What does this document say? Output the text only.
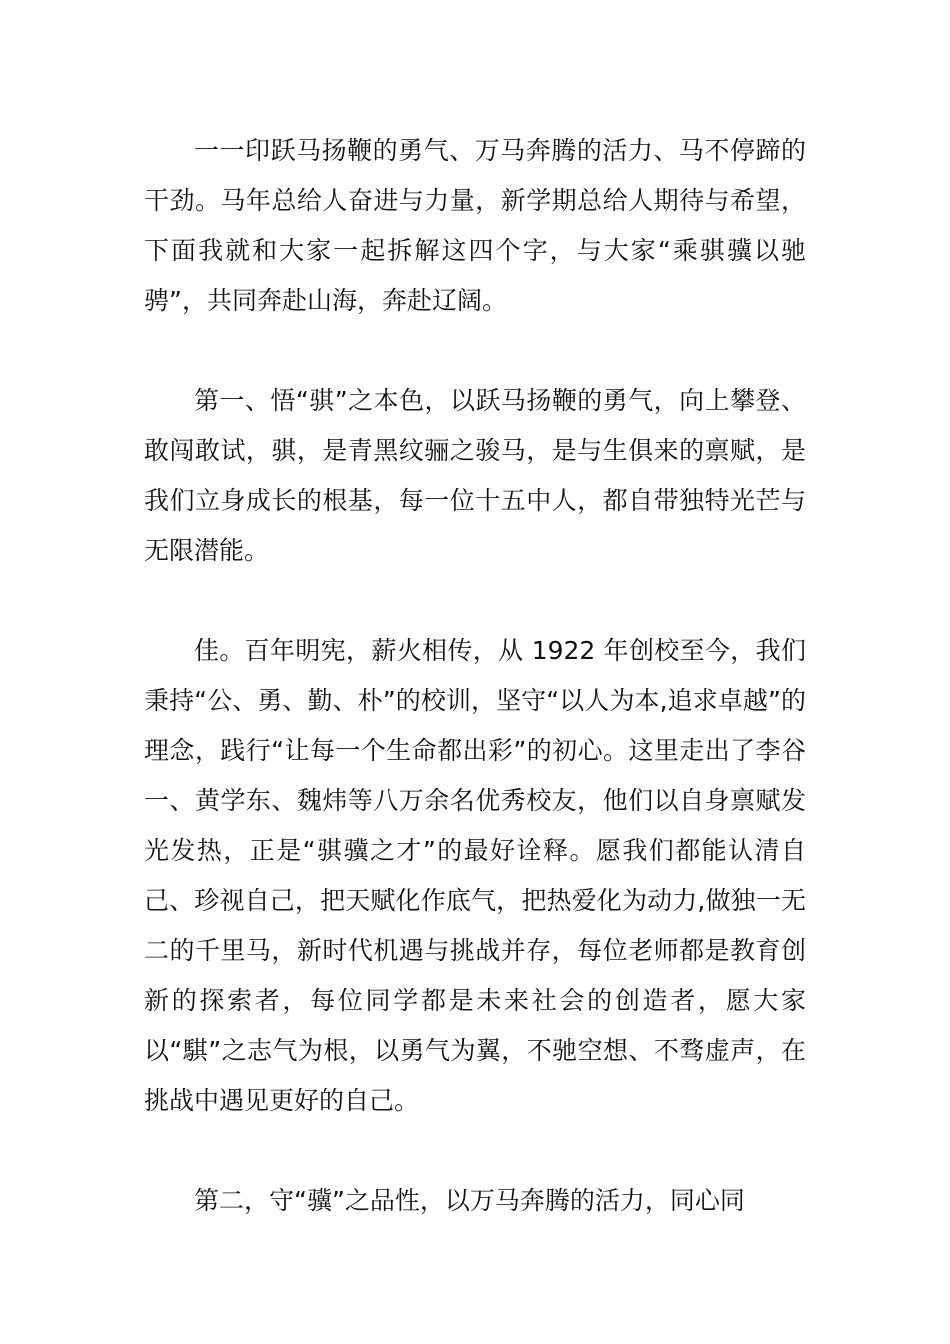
一一印跃马扬鞭的勇气、万马奔腾的活力、马不停蹄的干劲。马年总给人奋进与力量，新学期总给人期待与希望，下面我就和大家一起拆解这四个字，与大家“乘骐骥以驰骋”，共同奔赴山海，奔赴辽阔。

第一、悟“骐”之本色，以跃马扬鞭的勇气，向上攀登、敢闯敢试，骐，是青黑纹骊之骏马，是与生俱来的禀赋，是我们立身成长的根基，每一位十五中人，都自带独特光芒与无限潜能。

佳。百年明宪，薪火相传，从 1922 年创校至今，我们秉持“公、勇、勤、朴”的校训，坚守“以人为本,追求卓越”的理念，践行“让每一个生命都出彩”的初心。这里走出了李谷一、黄学东、魏炜等八万余名优秀校友，他们以自身禀赋发光发热，正是“骐骥之才”的最好诠释。愿我们都能认清自己、珍视自己，把天赋化作底气，把热爱化为动力,做独一无二的千里马，新时代机遇与挑战并存，每位老师都是教育创新的探索者，每位同学都是未来社会的创造者，愿大家以“騏”之志气为根，以勇气为翼，不驰空想、不骛虚声，在挑战中遇见更好的自己。

第二，守“骥”之品性，以万马奔腾的活力，同心同
